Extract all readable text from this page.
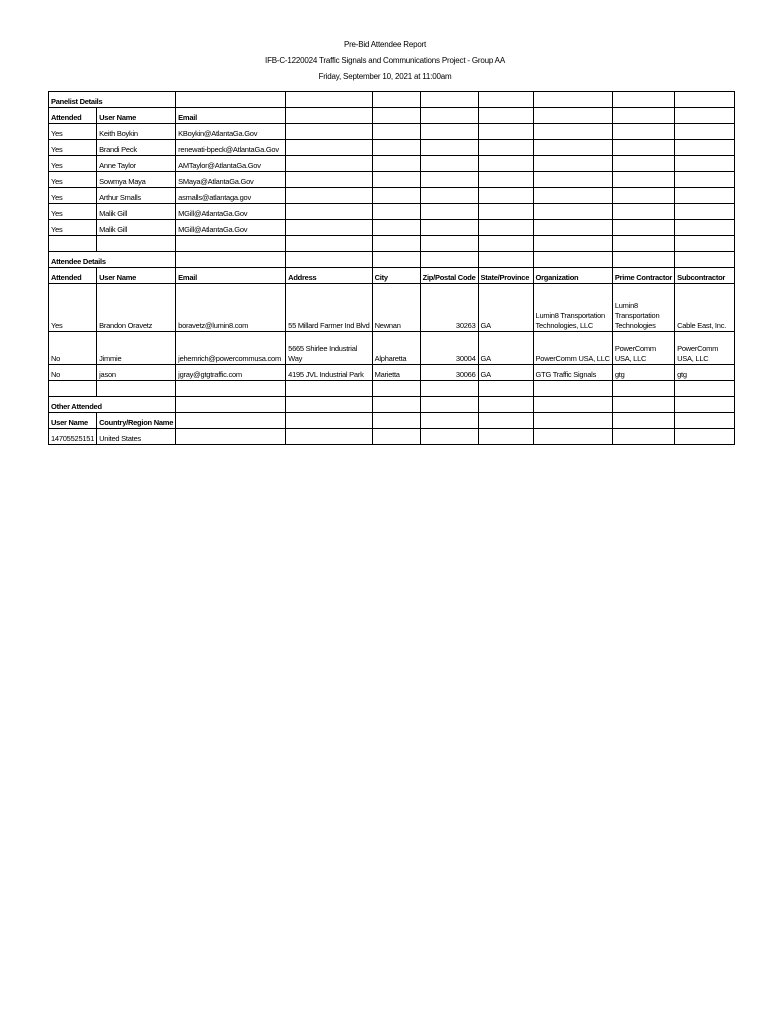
Pre-Bid Attendee Report
IFB-C-1220024 Traffic Signals and Communications Project - Group AA
Friday, September 10, 2021 at 11:00am
Panelist Details									
Attended	User Name	Email							
Yes	Keith Boykin	KBoykin@AtlantaGa.Gov							
Yes	Brandi Peck	renewati-bpeck@AtlantaGa.Gov							
Yes	Anne Taylor	AMTaylor@AtlantaGa.Gov							
Yes	Sowmya Maya	SMaya@AtlantaGa.Gov							
Yes	Arthur Smalls	asmalls@atlantaga.gov							
Yes	Malik Gill	MGill@AtlantaGa.Gov							
Yes	Malik Gill	MGill@AtlantaGa.Gov							

Attendee Details									
Attended	User Name	Email	Address	City	Zip/Postal Code	State/Province	Organization	Prime Contractor	Subcontractor
Yes	Brandon Oravetz	boravetz@lumin8.com	55 Millard Farmer Ind Blvd	Newnan	30263	GA	Lumin8 Transportation Technologies, LLC	Lumin8 Transportation Technologies	Cable East, Inc.
No	Jimmie	jehemrich@powercommusa.com	5665 Shirlee Industrial Way	Alpharetta	30004	GA	PowerComm USA, LLC	PowerComm USA, LLC	PowerComm USA, LLC
No	jason	jgray@gtgtraffic.com	4195 JVL Industrial Park	Marietta	30066	GA	GTG Traffic Signals	gtg	gtg

Other Attended									
User Name	Country/Region Name								
14705525151	United States								
